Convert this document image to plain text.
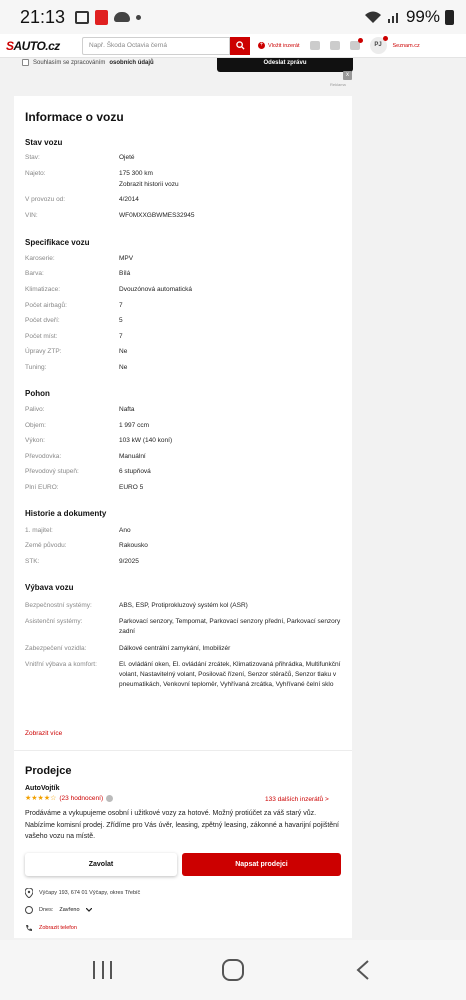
21:13	99%
SAUTO.cz	Např. Škoda Octavia černá	+ Vložit inzerát	PJ	Seznam.cz
Souhlasím se zpracováním osobních údajů	Odeslat zprávu
x
Reklama
Informace o vozu
Stav vozu
Stav:	Ojeté
Najeto:	175 300 km
Zobrazit historii vozu
V provozu od:	4/2014
VIN:	WF0MXXGBWMES32945
Specifikace vozu
Karoserie:	MPV
Barva:	Bílá
Klimatizace:	Dvouzónová automatická
Počet airbagů:	7
Počet dveří:	5
Počet míst:	7
Úpravy ZTP:	Ne
Tuning:	Ne
Pohon
Palivo:	Nafta
Objem:	1 997 ccm
Výkon:	103 kW (140 koní)
Převodovka:	Manuální
Převodový stupeň:	6 stupňová
Plní EURO:	EURO 5
Historie a dokumenty
1. majitel:	Ano
Země původu:	Rakousko
STK:	9/2025
Výbava vozu
Bezpečnostní systémy:	ABS, ESP, Protiprokluzový systém kol (ASR)
Asistenční systémy:	Parkovací senzory, Tempomat, Parkovací senzory přední, Parkovací senzory zadní
Zabezpečení vozidla:	Dálkové centrální zamykání, Imobilizér
Vnitřní výbava a komfort:	El. ovládání oken, El. ovládání zrcátek, Klimatizovaná přihrádka, Multifunkční volant, Nastavitelný volant, Posilovač řízení, Senzor stěračů, Senzor tlaku v pneumatikách, Venkovní teploměr, Vyhřívaná zrcátka, Vyhřívané čelní sklo
Zobrazit více
Prodejce
AutoVojtík
★★★★☆ (23 hodnocení)	133 dalších inzerátů >
Prodáváme a vykupujeme osobní i užitkové vozy za hotové. Možný protiúčet za váš starý vůz. Nabízíme komisní prodej. Zřídíme pro Vás úvěr, leasing, zpětný leasing, zákonné a havarijní pojištění vašeho vozu na místě.
Zavolat	Napsat prodejci
Výčapy 193, 674 01 Výčapy, okres Třebíč
Dnes: Zavřeno
Zobrazit telefon
